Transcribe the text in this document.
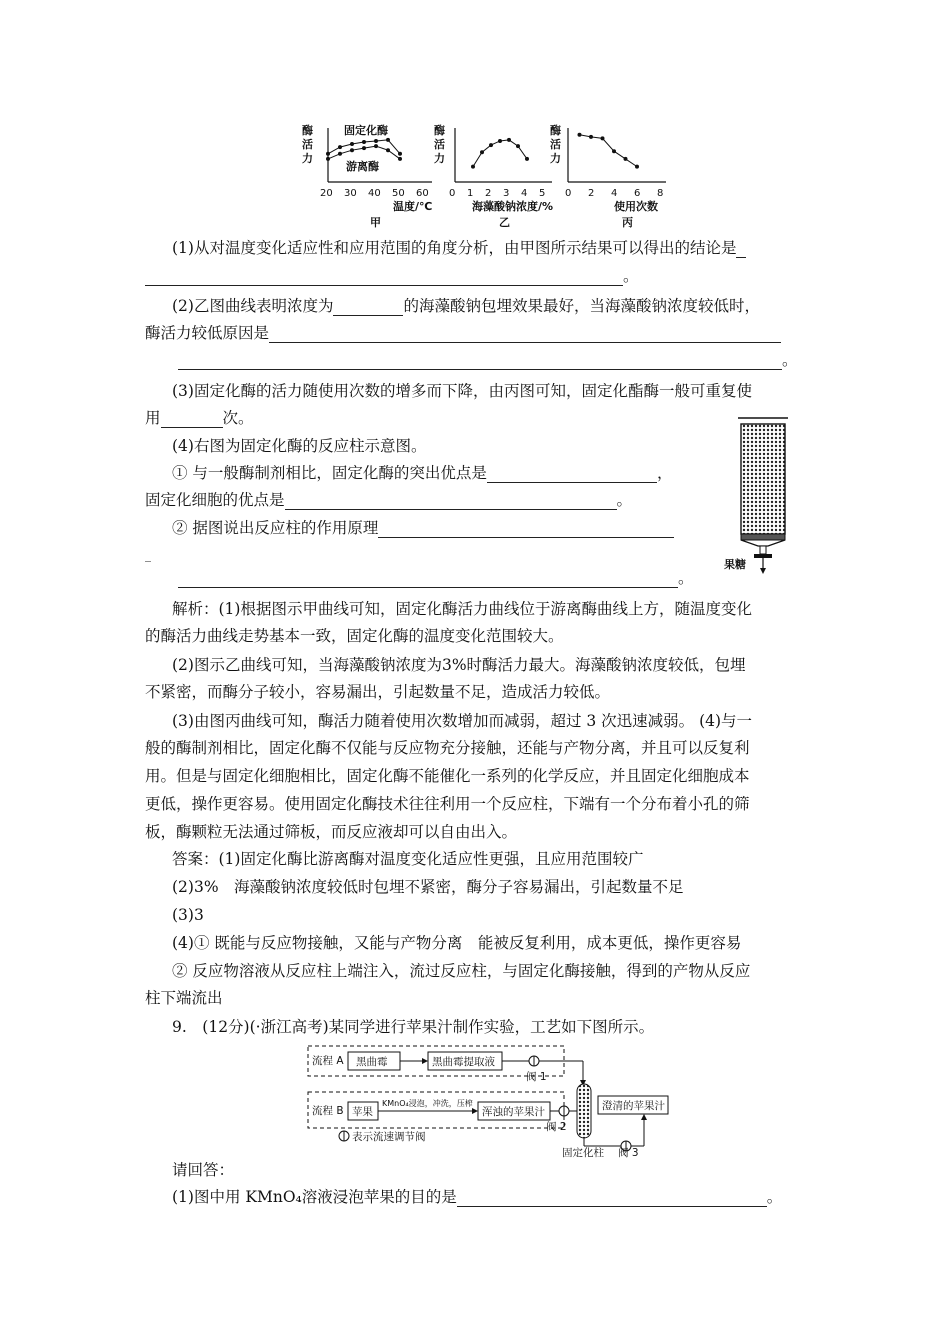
酶
活
力
固定化酶
游离酶
20 30 40 50 60
温度/℃
甲
酶
活
力
0 1 2 3 4 5
海藻酸钠浓度/%
乙
酶
活
力
0 2 4 6 8
使用次数
丙
(1)从对温度变化适应性和应用范围的角度分析，由甲图所示结果可以得出的结论是
。
(2)乙图曲线表明浓度为	的海藻酸钠包埋效果最好，当海藻酸钠浓度较低时，
酶活力较低原因是
。
(3)固定化酶的活力随使用次数的增多而下降，由丙图可知，固定化酯酶一般可重复使
用	次。
(4)右图为固定化酶的反应柱示意图。
① 与一般酶制剂相比，固定化酶的突出优点是	，
固定化细胞的优点是	。
② 据图说出反应柱的作用原理
_
。
果糖
解析：(1)根据图示甲曲线可知，固定化酶活力曲线位于游离酶曲线上方，随温度变化
的酶活力曲线走势基本一致，固定化酶的温度变化范围较大。
(2)图示乙曲线可知，当海藻酸钠浓度为3%时酶活力最大。海藻酸钠浓度较低，包埋
不紧密，而酶分子较小，容易漏出，引起数量不足，造成活力较低。
(3)由图丙曲线可知，酶活力随着使用次数增加而减弱，超过 3 次迅速减弱。 (4)与一
般的酶制剂相比，固定化酶不仅能与反应物充分接触，还能与产物分离，并且可以反复利
用。但是与固定化细胞相比，固定化酶不能催化一系列的化学反应，并且固定化细胞成本
更低，操作更容易。使用固定化酶技术往往利用一个反应柱，下端有一个分布着小孔的筛
板，酶颗粒无法通过筛板，而反应液却可以自由出入。
答案：(1)固定化酶比游离酶对温度变化适应性更强，且应用范围较广
(2)3%　海藻酸钠浓度较低时包埋不紧密，酶分子容易漏出，引起数量不足
(3)3
(4)① 既能与反应物接触，又能与产物分离　能被反复利用，成本更低，操作更容易
② 反应物溶液从反应柱上端注入，流过反应柱，与固定化酶接触，得到的产物从反应
柱下端流出
9.　(12分)(·浙江高考)某同学进行苹果汁制作实验，工艺如下图所示。
流程 A 黑曲霉	黑曲霉提取液
阀 1
流程 B 苹果
KMnO₄浸泡，冲洗，压榨
浑浊的苹果汁
阀 2
澄清的苹果汁
固定化柱 阀 3
表示流速调节阀
请回答：
(1)图中用 KMnO₄溶液浸泡苹果的目的是	。
